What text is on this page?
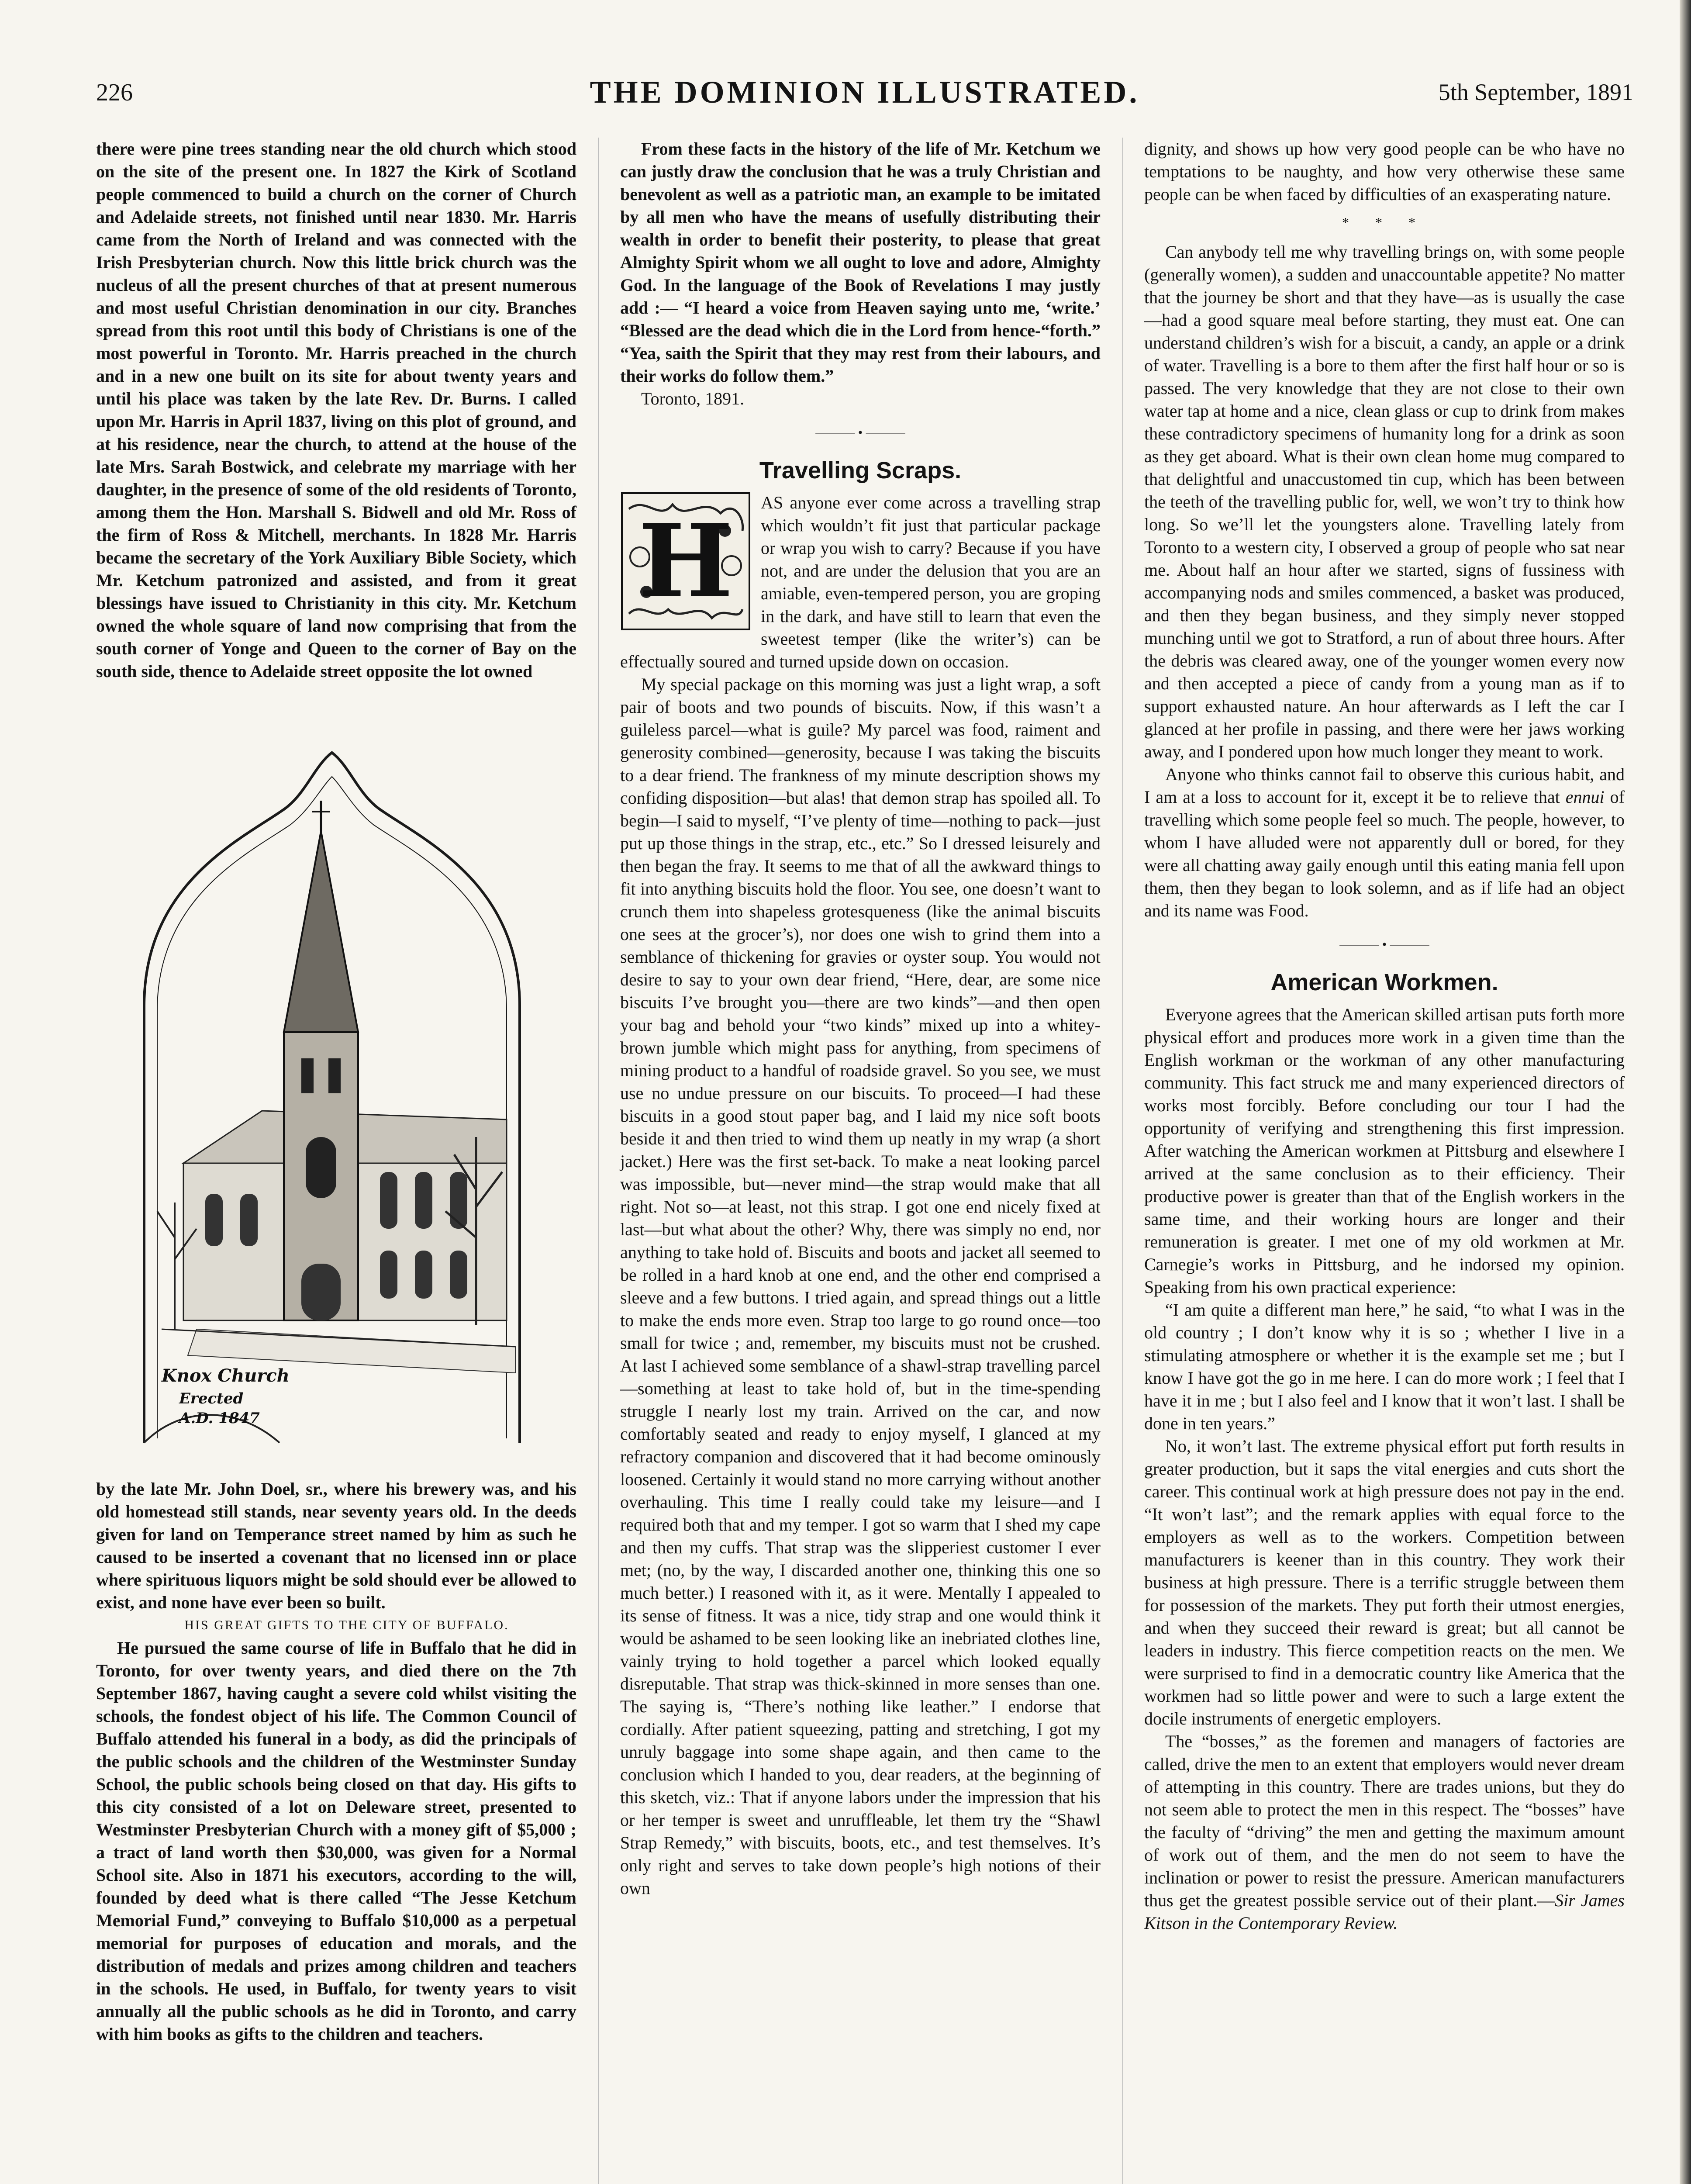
226	THE DOMINION ILLUSTRATED.	5th September, 1891

there were pine trees standing near the old church which stood on the site of the present one. In 1827 the Kirk of Scotland people commenced to build a church on the corner of Church and Adelaide streets, not finished until near 1830. Mr. Harris came from the North of Ireland and was connected with the Irish Presbyterian church. Now this little brick church was the nucleus of all the present churches of that at present numerous and most useful Christian denomination in our city. Branches spread from this root until this body of Christians is one of the most powerful in Toronto. Mr. Harris preached in the church and in a new one built on its site for about twenty years and until his place was taken by the late Rev. Dr. Burns. I called upon Mr. Harris in April 1837, living on this plot of ground, and at his residence, near the church, to attend at the house of the late Mrs. Sarah Bostwick, and celebrate my marriage with her daughter, in the presence of some of the old residents of Toronto, among them the Hon. Marshall S. Bidwell and old Mr. Ross of the firm of Ross & Mitchell, merchants. In 1828 Mr. Harris became the secretary of the York Auxiliary Bible Society, which Mr. Ketchum patronized and assisted, and from it great blessings have issued to Christianity in this city. Mr. Ketchum owned the whole square of land now comprising that from the south corner of Yonge and Queen to the corner of Bay on the south side, thence to Adelaide street opposite the lot owned

Knox Church
Erected
A.D. 1847

by the late Mr. John Doel, sr., where his brewery was, and his old homestead still stands, near seventy years old. In the deeds given for land on Temperance street named by him as such he caused to be inserted a covenant that no licensed inn or place where spirituous liquors might be sold should ever be allowed to exist, and none have ever been so built.

HIS GREAT GIFTS TO THE CITY OF BUFFALO.

He pursued the same course of life in Buffalo that he did in Toronto, for over twenty years, and died there on the 7th September 1867, having caught a severe cold whilst visiting the schools, the fondest object of his life. The Common Council of Buffalo attended his funeral in a body, as did the principals of the public schools and the children of the Westminster Sunday School, the public schools being closed on that day. His gifts to this city consisted of a lot on Deleware street, presented to Westminster Presbyterian Church with a money gift of $5,000 ; a tract of land worth then $30,000, was given for a Normal School site. Also in 1871 his executors, according to the will, founded by deed what is there called “The Jesse Ketchum Memorial Fund,” conveying to Buffalo $10,000 as a perpetual memorial for purposes of education and morals, and the distribution of medals and prizes among children and teachers in the schools. He used, in Buffalo, for twenty years to visit annually all the public schools as he did in Toronto, and carry with him books as gifts to the children and teachers.

From these facts in the history of the life of Mr. Ketchum we can justly draw the conclusion that he was a truly Christian and benevolent as well as a patriotic man, an example to be imitated by all men who have the means of usefully distributing their wealth in order to benefit their posterity, to please that great Almighty Spirit whom we all ought to love and adore, Almighty God. In the language of the Book of Revelations I may justly add :— “I heard a voice from Heaven saying unto me, ‘write.’ “Blessed are the dead which die in the Lord from hence-“forth.” “Yea, saith the Spirit that they may rest from their labours, and their works do follow them.”

Toronto, 1891.

——— • ———
Travelling Scraps.
H	AS anyone ever come across a travelling strap which wouldn’t fit just that particular package or wrap you wish to carry? Because if you have not, and are under the delusion that you are an amiable, even-tempered person, you are groping in the dark, and have still to learn that even the sweetest temper (like the writer’s) can be effectually soured and turned upside down on occasion.

My special package on this morning was just a light wrap, a soft pair of boots and two pounds of biscuits. Now, if this wasn’t a guileless parcel—what is guile? My parcel was food, raiment and generosity combined—generosity, because I was taking the biscuits to a dear friend. The frankness of my minute description shows my confiding disposition—but alas! that demon strap has spoiled all. To begin—I said to myself, “I’ve plenty of time—nothing to pack—just put up those things in the strap, etc., etc.” So I dressed leisurely and then began the fray. It seems to me that of all the awkward things to fit into anything biscuits hold the floor. You see, one doesn’t want to crunch them into shapeless grotesqueness (like the animal biscuits one sees at the grocer’s), nor does one wish to grind them into a semblance of thickening for gravies or oyster soup. You would not desire to say to your own dear friend, “Here, dear, are some nice biscuits I’ve brought you—there are two kinds”—and then open your bag and behold your “two kinds” mixed up into a whitey-brown jumble which might pass for anything, from specimens of mining product to a handful of roadside gravel. So you see, we must use no undue pressure on our biscuits. To proceed—I had these biscuits in a good stout paper bag, and I laid my nice soft boots beside it and then tried to wind them up neatly in my wrap (a short jacket.) Here was the first set-back. To make a neat looking parcel was impossible, but—never mind—the strap would make that all right. Not so—at least, not this strap. I got one end nicely fixed at last—but what about the other? Why, there was simply no end, nor anything to take hold of. Biscuits and boots and jacket all seemed to be rolled in a hard knob at one end, and the other end comprised a sleeve and a few buttons. I tried again, and spread things out a little to make the ends more even. Strap too large to go round once—too small for twice ; and, remember, my biscuits must not be crushed. At last I achieved some semblance of a shawl-strap travelling parcel—something at least to take hold of, but in the time-spending struggle I nearly lost my train. Arrived on the car, and now comfortably seated and ready to enjoy myself, I glanced at my refractory companion and discovered that it had become ominously loosened. Certainly it would stand no more carrying without another overhauling. This time I really could take my leisure—and I required both that and my temper. I got so warm that I shed my cape and then my cuffs. That strap was the slipperiest customer I ever met; (no, by the way, I discarded another one, thinking this one so much better.) I reasoned with it, as it were. Mentally I appealed to its sense of fitness. It was a nice, tidy strap and one would think it would be ashamed to be seen looking like an inebriated clothes line, vainly trying to hold together a parcel which looked equally disreputable. That strap was thick-skinned in more senses than one. The saying is, “There’s nothing like leather.” I endorse that cordially. After patient squeezing, patting and stretching, I got my unruly baggage into some shape again, and then came to the conclusion which I handed to you, dear readers, at the beginning of this sketch, viz.: That if anyone labors under the impression that his or her temper is sweet and unruffleable, let them try the “Shawl Strap Remedy,” with biscuits, boots, etc., and test themselves. It’s only right and serves to take down people’s high notions of their own

dignity, and shows up how very good people can be who have no temptations to be naughty, and how very otherwise these same people can be when faced by difficulties of an exasperating nature.

* * *

Can anybody tell me why travelling brings on, with some people (generally women), a sudden and unaccountable appetite? No matter that the journey be short and that they have—as is usually the case—had a good square meal before starting, they must eat. One can understand children’s wish for a biscuit, a candy, an apple or a drink of water. Travelling is a bore to them after the first half hour or so is passed. The very knowledge that they are not close to their own water tap at home and a nice, clean glass or cup to drink from makes these contradictory specimens of humanity long for a drink as soon as they get aboard. What is their own clean home mug compared to that delightful and unaccustomed tin cup, which has been between the teeth of the travelling public for, well, we won’t try to think how long. So we’ll let the youngsters alone. Travelling lately from Toronto to a western city, I observed a group of people who sat near me. About half an hour after we started, signs of fussiness with accompanying nods and smiles commenced, a basket was produced, and then they began business, and they simply never stopped munching until we got to Stratford, a run of about three hours. After the debris was cleared away, one of the younger women every now and then accepted a piece of candy from a young man as if to support exhausted nature. An hour afterwards as I left the car I glanced at her profile in passing, and there were her jaws working away, and I pondered upon how much longer they meant to work.

Anyone who thinks cannot fail to observe this curious habit, and I am at a loss to account for it, except it be to relieve that ennui of travelling which some people feel so much. The people, however, to whom I have alluded were not apparently dull or bored, for they were all chatting away gaily enough until this eating mania fell upon them, then they began to look solemn, and as if life had an object and its name was Food.

——— • ———
American Workmen.

Everyone agrees that the American skilled artisan puts forth more physical effort and produces more work in a given time than the English workman or the workman of any other manufacturing community. This fact struck me and many experienced directors of works most forcibly. Before concluding our tour I had the opportunity of verifying and strengthening this first impression. After watching the American workmen at Pittsburg and elsewhere I arrived at the same conclusion as to their efficiency. Their productive power is greater than that of the English workers in the same time, and their working hours are longer and their remuneration is greater. I met one of my old workmen at Mr. Carnegie’s works in Pittsburg, and he indorsed my opinion. Speaking from his own practical experience:

“I am quite a different man here,” he said, “to what I was in the old country ; I don’t know why it is so ; whether I live in a stimulating atmosphere or whether it is the example set me ; but I know I have got the go in me here. I can do more work ; I feel that I have it in me ; but I also feel and I know that it won’t last. I shall be done in ten years.”

No, it won’t last. The extreme physical effort put forth results in greater production, but it saps the vital energies and cuts short the career. This continual work at high pressure does not pay in the end. “It won’t last”; and the remark applies with equal force to the employers as well as to the workers. Competition between manufacturers is keener than in this country. They work their business at high pressure. There is a terrific struggle between them for possession of the markets. They put forth their utmost energies, and when they succeed their reward is great; but all cannot be leaders in industry. This fierce competition reacts on the men. We were surprised to find in a democratic country like America that the workmen had so little power and were to such a large extent the docile instruments of energetic employers.

The “bosses,” as the foremen and managers of factories are called, drive the men to an extent that employers would never dream of attempting in this country. There are trades unions, but they do not seem able to protect the men in this respect. The “bosses” have the faculty of “driving” the men and getting the maximum amount of work out of them, and the men do not seem to have the inclination or power to resist the pressure. American manufacturers thus get the greatest possible service out of their plant.—Sir James Kitson in the Contemporary Review.
